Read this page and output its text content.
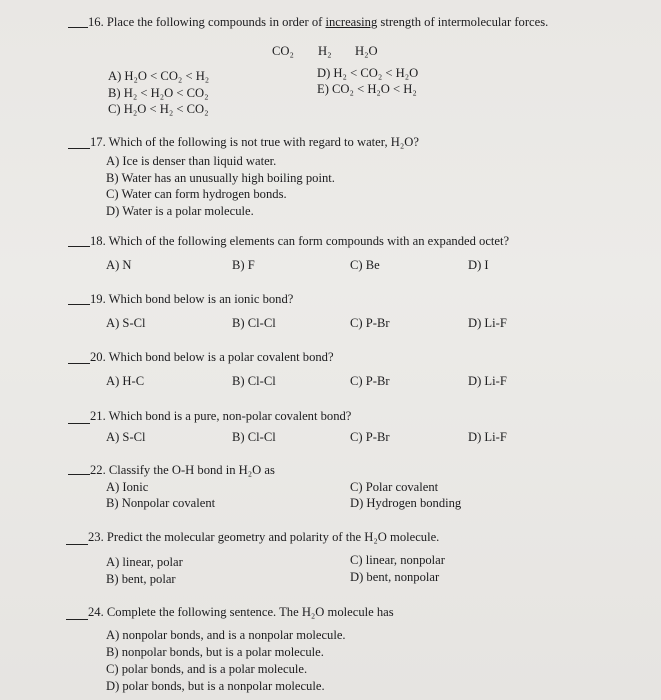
16. Place the following compounds in order of increasing strength of intermolecular forces.
CO₂ H₂ H₂O
A) H₂O < CO₂ < H₂
B) H₂ < H₂O < CO₂
C) H₂O < H₂ < CO₂
D) H₂ < CO₂ < H₂O
E) CO₂ < H₂O < H₂
17. Which of the following is not true with regard to water, H₂O?
A) Ice is denser than liquid water.
B) Water has an unusually high boiling point.
C) Water can form hydrogen bonds.
D) Water is a polar molecule.
18. Which of the following elements can form compounds with an expanded octet?
A) N	B) F	C) Be	D) I
19. Which bond below is an ionic bond?
A) S-Cl	B) Cl-Cl	C) P-Br	D) Li-F
20. Which bond below is a polar covalent bond?
A) H-C	B) Cl-Cl	C) P-Br	D) Li-F
21. Which bond is a pure, non-polar covalent bond?
A) S-Cl	B) Cl-Cl	C) P-Br	D) Li-F
22. Classify the O-H bond in H₂O as
A) Ionic
B) Nonpolar covalent
C) Polar covalent
D) Hydrogen bonding
23. Predict the molecular geometry and polarity of the H₂O molecule.
A) linear, polar
B) bent, polar
C) linear, nonpolar
D) bent, nonpolar
24. Complete the following sentence. The H₂O molecule has
A) nonpolar bonds, and is a nonpolar molecule.
B) nonpolar bonds, but is a polar molecule.
C) polar bonds, and is a polar molecule.
D) polar bonds, but is a nonpolar molecule.
